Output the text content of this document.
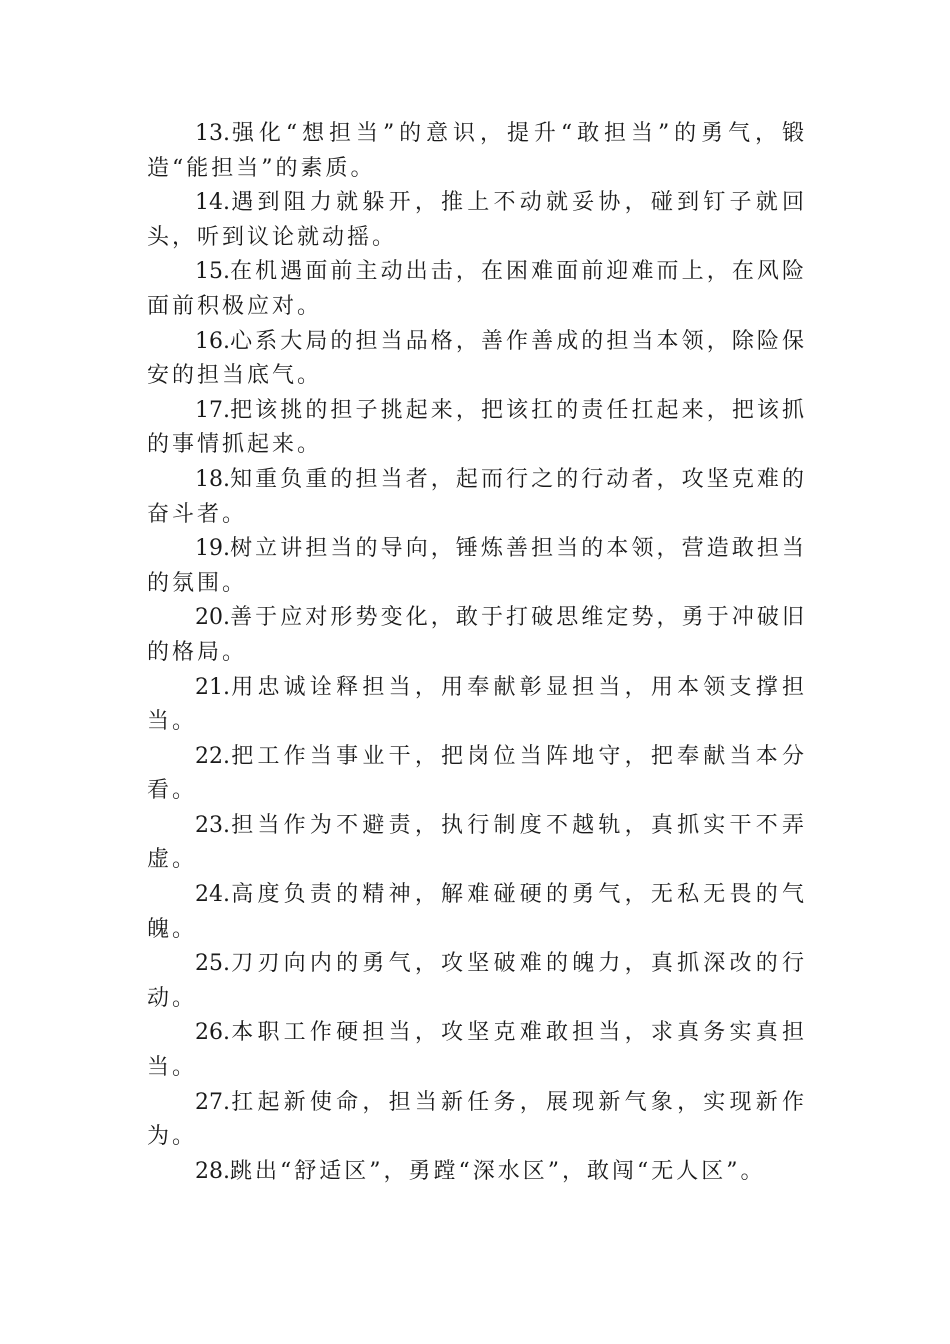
13.强化“想担当”的意识，提升“敢担当”的勇气，锻造“能担当”的素质。

14.遇到阻力就躲开，推上不动就妥协，碰到钉子就回头，听到议论就动摇。

15.在机遇面前主动出击，在困难面前迎难而上，在风险面前积极应对。

16.心系大局的担当品格，善作善成的担当本领，除险保安的担当底气。

17.把该挑的担子挑起来，把该扛的责任扛起来，把该抓的事情抓起来。

18.知重负重的担当者，起而行之的行动者，攻坚克难的奋斗者。

19.树立讲担当的导向，锤炼善担当的本领，营造敢担当的氛围。

20.善于应对形势变化，敢于打破思维定势，勇于冲破旧的格局。

21.用忠诚诠释担当，用奉献彰显担当，用本领支撑担当。

22.把工作当事业干，把岗位当阵地守，把奉献当本分看。

23.担当作为不避责，执行制度不越轨，真抓实干不弄虚。

24.高度负责的精神，解难碰硬的勇气，无私无畏的气魄。

25.刀刃向内的勇气，攻坚破难的魄力，真抓深改的行动。

26.本职工作硬担当，攻坚克难敢担当，求真务实真担当。

27.扛起新使命，担当新任务，展现新气象，实现新作为。

28.跳出“舒适区”，勇蹚“深水区”，敢闯“无人区”。
